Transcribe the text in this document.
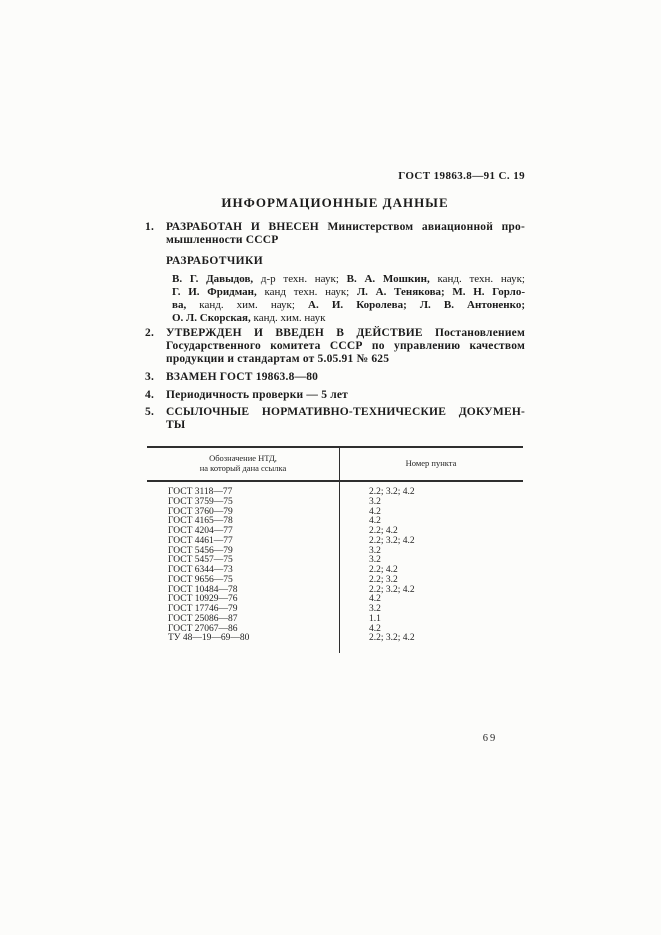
ГОСТ 19863.8—91 С. 19
ИНФОРМАЦИОННЫЕ ДАННЫЕ
1.	РАЗРАБОТАН И ВНЕСЕН Министерством авиационной про-
мышленности СССР
РАЗРАБОТЧИКИ
В. Г. Давыдов, д-р техн. наук; В. А. Мошкин, канд. техн. наук;
Г. И. Фридман, канд техн. наук; Л. А. Тенякова; М. Н. Горло-
ва, канд. хим. наук; А. И. Королева; Л. В. Антоненко;
О. Л. Скорская, канд. хим. наук
2.	УТВЕРЖДЕН И ВВЕДЕН В ДЕЙСТВИЕ Постановлением
Государственного комитета СССР по управлению качеством
продукции и стандартам от 5.05.91 № 625
3.	ВЗАМЕН ГОСТ 19863.8—80
4.	Периодичность проверки — 5 лет
5.	ССЫЛОЧНЫЕ НОРМАТИВНО-ТЕХНИЧЕСКИЕ ДОКУМЕН-
ТЫ
Обозначение НТД,
на который дана ссылка	Номер пункта
ГОСТ 3118—77	2.2; 3.2; 4.2
ГОСТ 3759—75	3.2
ГОСТ 3760—79	4.2
ГОСТ 4165—78	4.2
ГОСТ 4204—77	2.2; 4.2
ГОСТ 4461—77	2.2; 3.2; 4.2
ГОСТ 5456—79	3.2
ГОСТ 5457—75	3.2
ГОСТ 6344—73	2.2; 4.2
ГОСТ 9656—75	2.2; 3.2
ГОСТ 10484—78	2.2; 3.2; 4.2
ГОСТ 10929—76	4.2
ГОСТ 17746—79	3.2
ГОСТ 25086—87	1.1
ГОСТ 27067—86	4.2
ТУ 48—19—69—80	2.2; 3.2; 4.2
69
